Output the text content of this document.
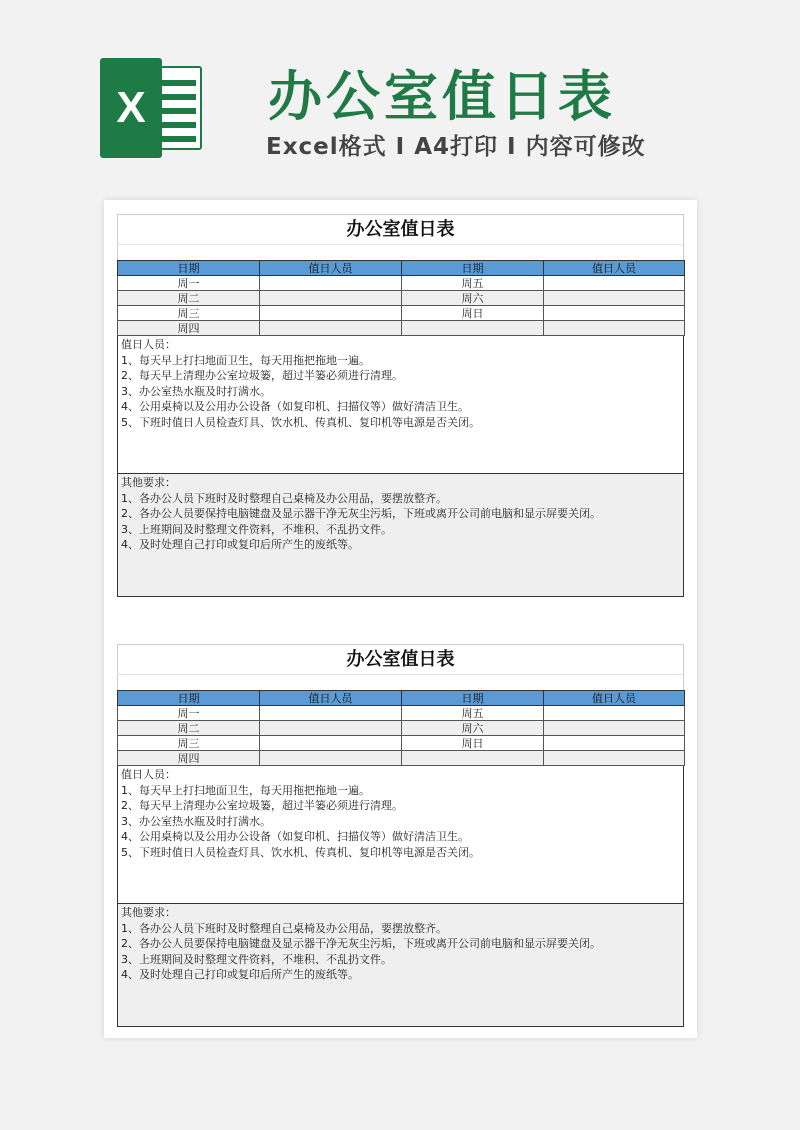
X	办公室值日表
Excel格式 I A4打印 I 内容可修改
办公室值日表
日期	值日人员	日期	值日人员
周一		周五	
周二		周六	
周三		周日	
周四			

值日人员：

1、每天早上打扫地面卫生，每天用拖把拖地一遍。

2、每天早上清理办公室垃圾篓，超过半篓必须进行清理。

3、办公室热水瓶及时打满水。

4、公用桌椅以及公用办公设备（如复印机、扫描仪等）做好清洁卫生。

5、下班时值日人员检查灯具、饮水机、传真机、复印机等电源是否关闭。

其他要求：

1、各办公人员下班时及时整理自己桌椅及办公用品，要摆放整齐。

2、各办公人员要保持电脑键盘及显示器干净无灰尘污垢，下班或离开公司前电脑和显示屏要关闭。

3、上班期间及时整理文件资料，不堆积、不乱扔文件。

4、及时处理自己打印或复印后所产生的废纸等。

办公室值日表
日期	值日人员	日期	值日人员
周一		周五	
周二		周六	
周三		周日	
周四			

值日人员：

1、每天早上打扫地面卫生，每天用拖把拖地一遍。

2、每天早上清理办公室垃圾篓，超过半篓必须进行清理。

3、办公室热水瓶及时打满水。

4、公用桌椅以及公用办公设备（如复印机、扫描仪等）做好清洁卫生。

5、下班时值日人员检查灯具、饮水机、传真机、复印机等电源是否关闭。

其他要求：

1、各办公人员下班时及时整理自己桌椅及办公用品，要摆放整齐。

2、各办公人员要保持电脑键盘及显示器干净无灰尘污垢，下班或离开公司前电脑和显示屏要关闭。

3、上班期间及时整理文件资料，不堆积、不乱扔文件。

4、及时处理自己打印或复印后所产生的废纸等。
